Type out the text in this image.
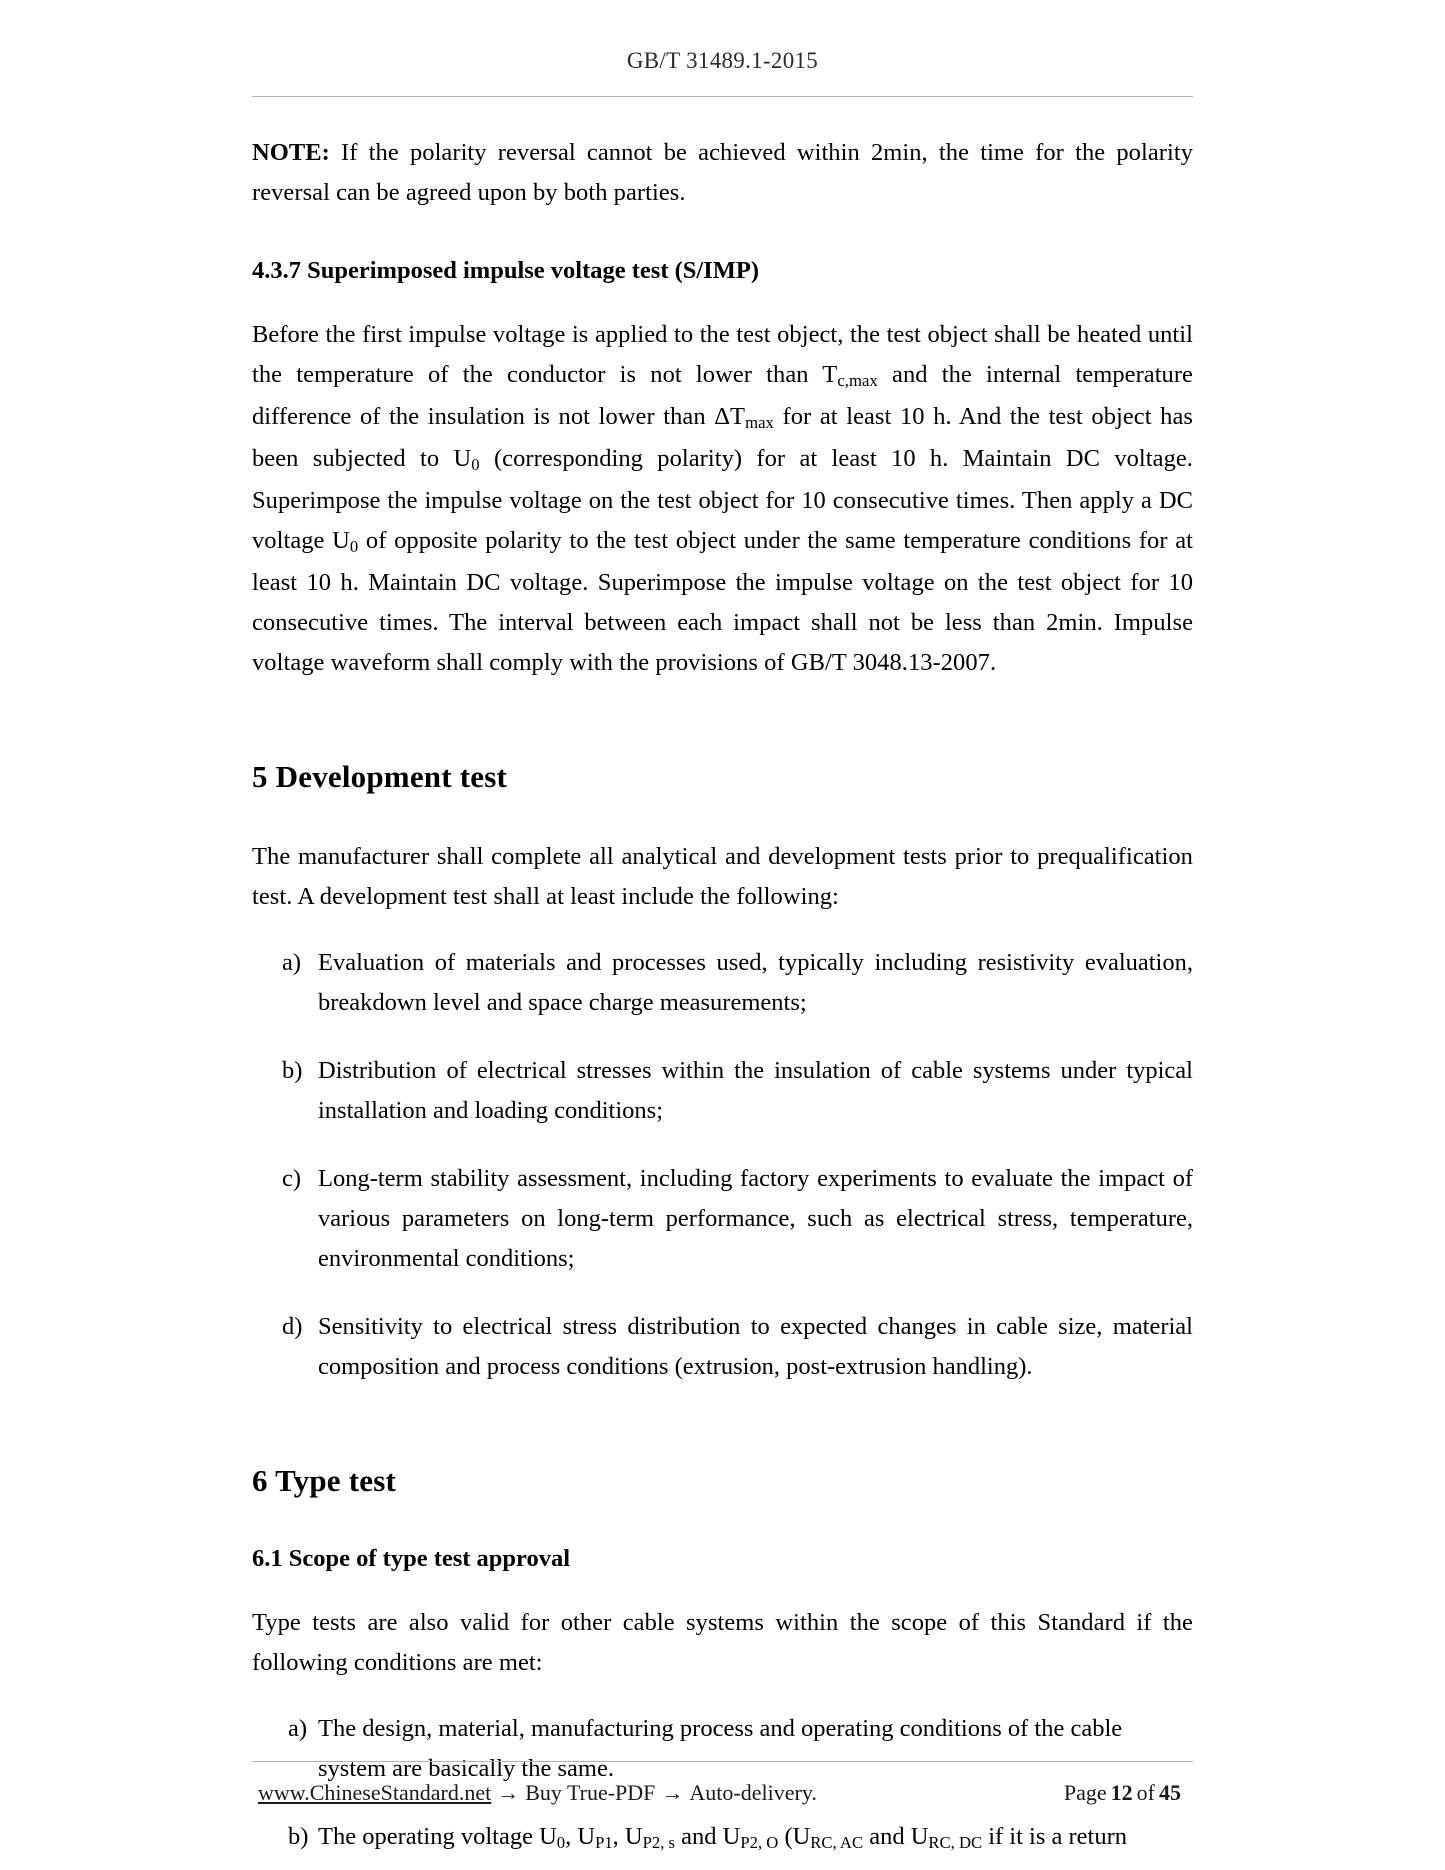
GB/T 31489.1-2015

NOTE: If the polarity reversal cannot be achieved within 2min, the time for the polarity reversal can be agreed upon by both parties.

4.3.7 Superimposed impulse voltage test (S/IMP)

Before the first impulse voltage is applied to the test object, the test object shall be heated until the temperature of the conductor is not lower than $T_{c,max}$ and the internal temperature difference of the insulation is not lower than $\Delta T_{max}$ for at least 10 h. And the test object has been subjected to $U_0$ (corresponding polarity) for at least 10 h. Maintain DC voltage. Superimpose the impulse voltage on the test object for 10 consecutive times. Then apply a DC voltage $U_0$ of opposite polarity to the test object under the same temperature conditions for at least 10 h. Maintain DC voltage. Superimpose the impulse voltage on the test object for 10 consecutive times. The interval between each impact shall not be less than 2min. Impulse voltage waveform shall comply with the provisions of GB/T 3048.13-2007.

5 Development test

The manufacturer shall complete all analytical and development tests prior to prequalification test. A development test shall at least include the following:

a) Evaluation of materials and processes used, typically including resistivity evaluation, breakdown level and space charge measurements;
b) Distribution of electrical stresses within the insulation of cable systems under typical installation and loading conditions;
c) Long-term stability assessment, including factory experiments to evaluate the impact of various parameters on long-term performance, such as electrical stress, temperature, environmental conditions;
d) Sensitivity to electrical stress distribution to expected changes in cable size, material composition and process conditions (extrusion, post-extrusion handling).
6 Type test
6.1 Scope of type test approval

Type tests are also valid for other cable systems within the scope of this Standard if the following conditions are met:

a) The design, material, manufacturing process and operating conditions of the cable system are basically the same.
b) The operating voltage $U_0$, $U_{P1}$, $U_{P2, s}$ and $U_{P2, O}$ ($U_{RC, AC}$ and $U_{RC, DC}$ if it is a return
www.ChineseStandard.net → Buy True-PDF → Auto-delivery.	Page 12 of 45
